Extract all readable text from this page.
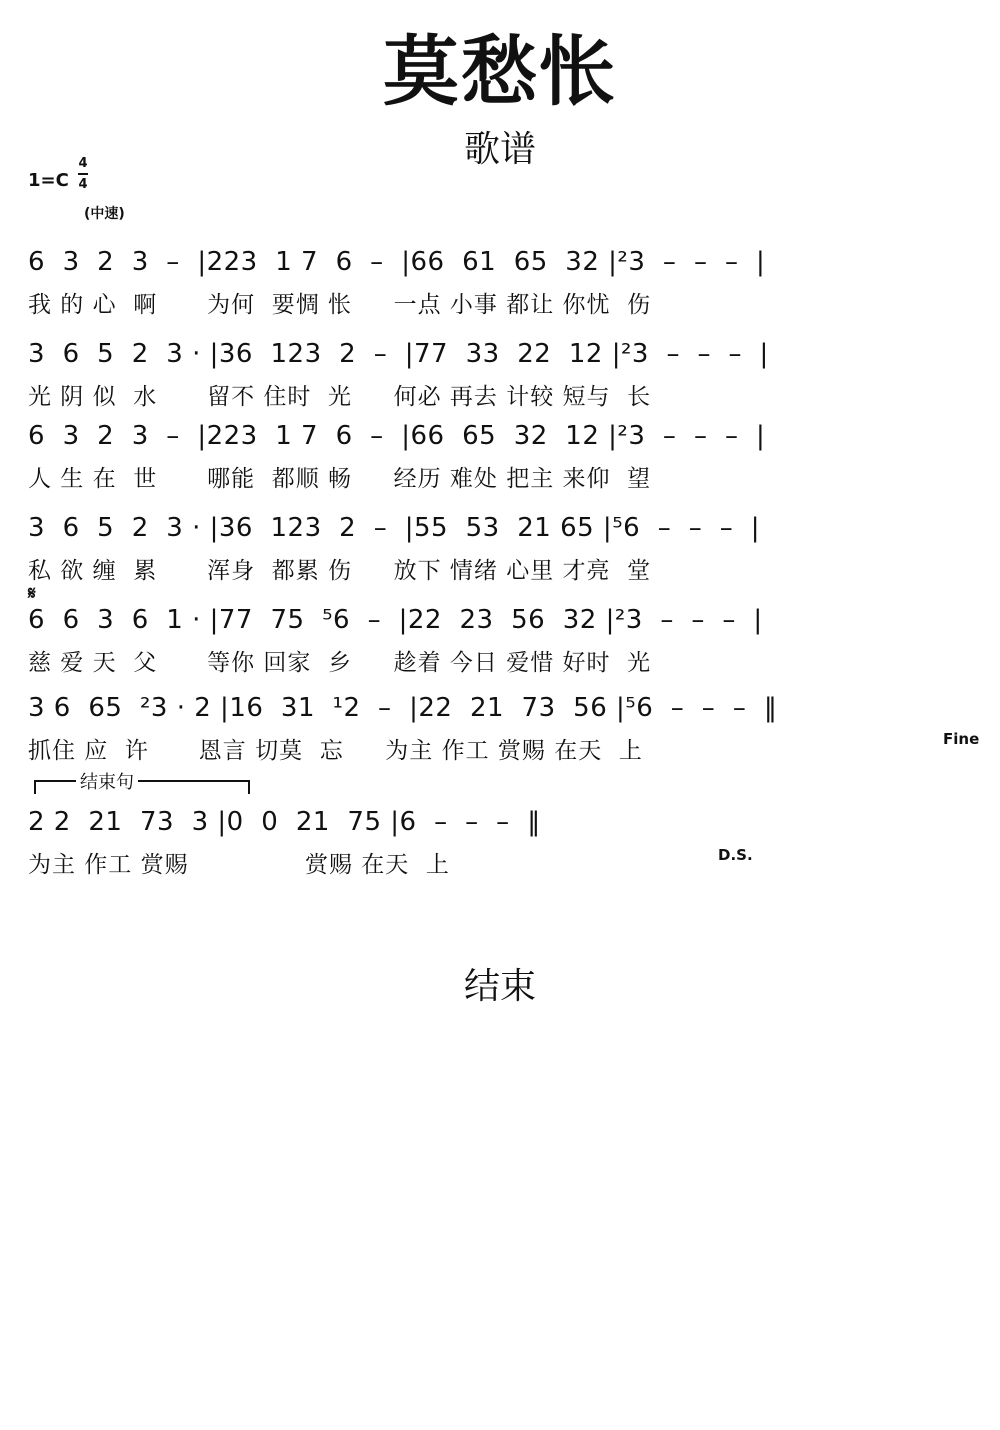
莫愁怅
歌谱
1=C
4
4
(中速)
6  3  2  3  –  |223  1 7  6  –  |66  61  65  32 |²3  –  –  –  |
我 的 心  啊      为何  要惆 怅     一点 小事 都让 你忧  伤
3  6  5  2  3 · |36  123  2  –  |77  33  22  12 |²3  –  –  –  |
光 阴 似  水      留不 住时  光     何必 再去 计较 短与  长
6  3  2  3  –  |223  1 7  6  –  |66  65  32  12 |²3  –  –  –  |
人 生 在  世      哪能  都顺 畅     经历 难处 把主 来仰  望
3  6  5  2  3 · |36  123  2  –  |55  53  21 65 |⁵6  –  –  –  |
私 欲 缠  累      浑身  都累 伤     放下 情绪 心里 才亮  堂
𝄋
6  6  3  6  1 · |77  75  ⁵6  –  |22  23  56  32 |²3  –  –  –  |
慈 爱 天  父      等你 回家  乡     趁着 今日 爱惜 好时  光
3 6  65  ²3 · 2 |16  31  ¹2  –  |22  21  73  56 |⁵6  –  –  –  ‖
抓住 应  许      恩言 切莫  忘     为主 作工 赏赐 在天  上	Fine
结束句
2 2  21  73  3 |0  0  21  75 |6  –  –  –  ‖
为主 作工 赏赐              赏赐 在天  上	D.S.
结束
